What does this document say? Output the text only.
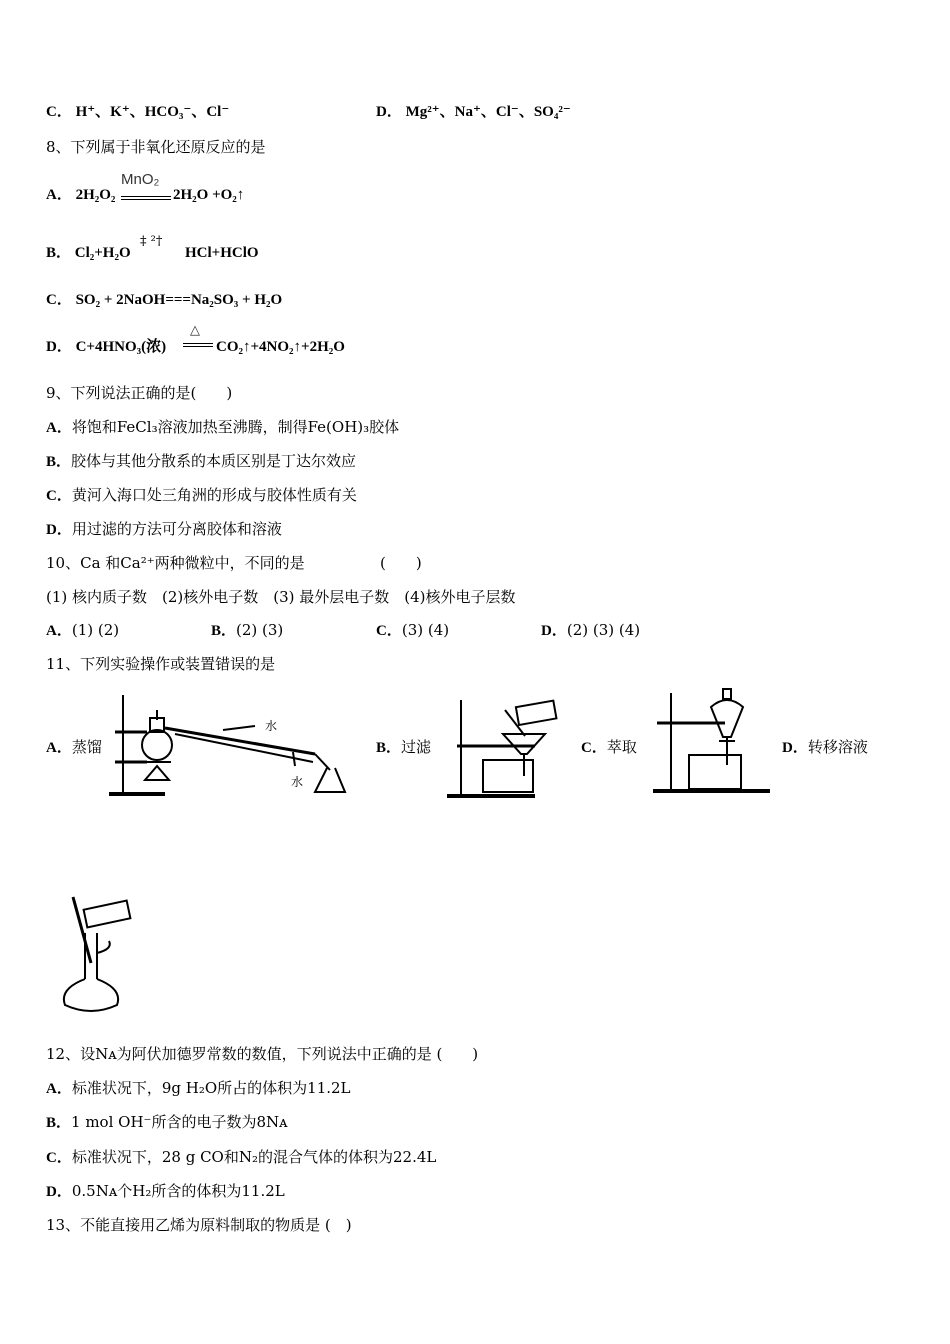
C． H⁺、K⁺、HCO₃⁻、Cl⁻	D． Mg²⁺、Na⁺、Cl⁻、SO₄²⁻
8、下列属于非氧化还原反应的是
A． 2H₂O₂
MnO₂
2H₂O +O₂↑
B． Cl₂+H₂O
‡ ²†
HCl+HClO
C． SO₂ + 2NaOH===Na₂SO₃ + H₂O
D． C+4HNO₃(浓)
△
CO₂↑+4NO₂↑+2H₂O
9、下列说法正确的是(　　)
A．将饱和FeCl₃溶液加热至沸腾，制得Fe(OH)₃胶体
B．胶体与其他分散系的本质区别是丁达尔效应
C．黄河入海口处三角洲的形成与胶体性质有关
D．用过滤的方法可分离胶体和溶液
10、Ca 和Ca²⁺两种微粒中，不同的是	(　　)
(1) 核内质子数　(2)核外电子数　(3) 最外层电子数　(4)核外电子层数
A．(1) (2)	B．(2) (3)	C．(3) (4)	D．(2) (3) (4)
11、下列实验操作或装置错误的是
A．蒸馏	B．过滤	C．萃取	D．转移溶液
水
水
12、设Nᴀ为阿伏加德罗常数的数值，下列说法中正确的是 (　　)
A．标准状况下，9g H₂O所占的体积为11.2L
B．1 mol OH⁻所含的电子数为8Nᴀ
C．标准状况下，28 g CO和N₂的混合气体的体积为22.4L
D．0.5Nᴀ个H₂所含的体积为11.2L
13、不能直接用乙烯为原料制取的物质是 (　)
